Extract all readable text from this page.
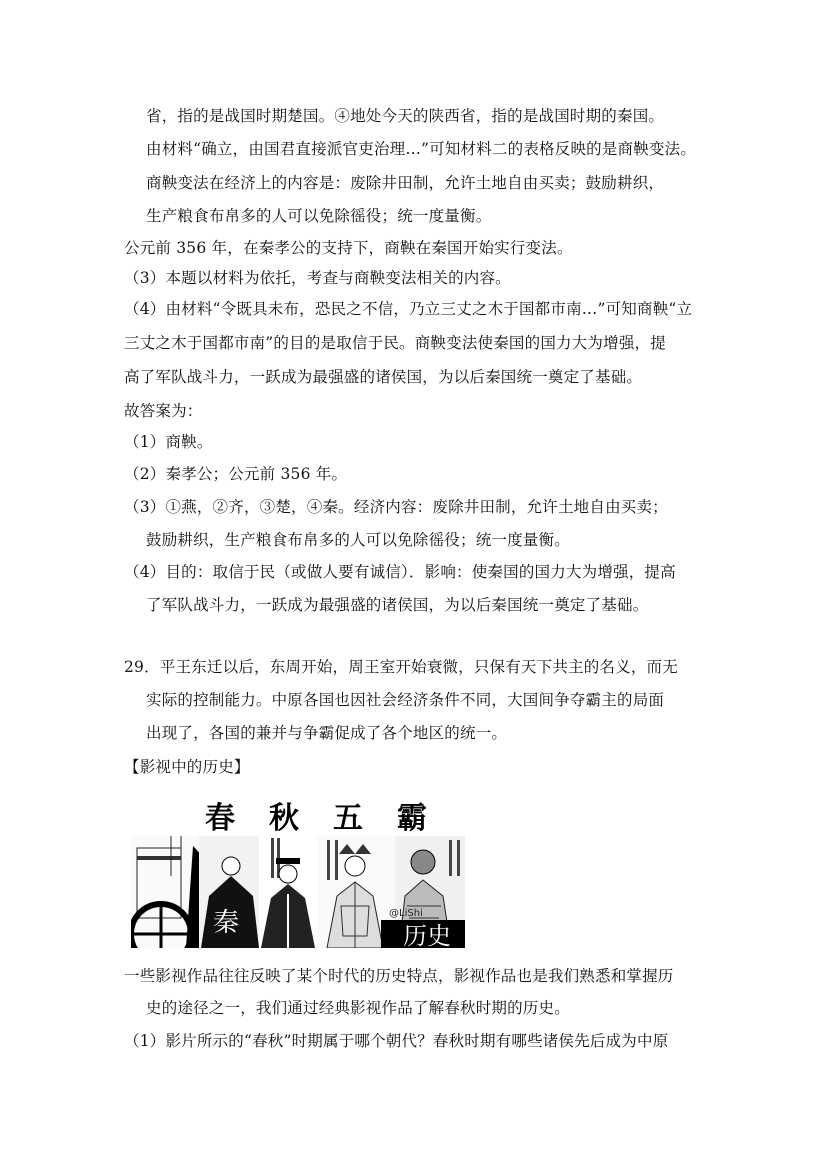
省，指的是战国时期楚国。④地处今天的陕西省，指的是战国时期的秦国。
由材料“确立，由国君直接派官吏治理…”可知材料二的表格反映的是商鞅变法。
商鞅变法在经济上的内容是：废除井田制，允许土地自由买卖；鼓励耕织，
生产粮食布帛多的人可以免除徭役；统一度量衡。
公元前 356 年，在秦孝公的支持下，商鞅在秦国开始实行变法。
（3）本题以材料为依托，考查与商鞅变法相关的内容。
（4）由材料“令既具未布，恐民之不信，乃立三丈之木于国都市南…”可知商鞅“立
三丈之木于国都市南”的目的是取信于民。商鞅变法使秦国的国力大为增强，提
高了军队战斗力，一跃成为最强盛的诸侯国，为以后秦国统一奠定了基础。
故答案为：
（1）商鞅。
（2）秦孝公；公元前 356 年。
（3）①燕，②齐，③楚，④秦。经济内容：废除井田制，允许土地自由买卖；
鼓励耕织，生产粮食布帛多的人可以免除徭役；统一度量衡。
（4）目的：取信于民（或做人要有诚信）．影响：使秦国的国力大为增强，提高
了军队战斗力，一跃成为最强盛的诸侯国，为以后秦国统一奠定了基础。
29．平王东迁以后，东周开始，周王室开始衰微，只保有天下共主的名义，而无
实际的控制能力。中原各国也因社会经济条件不同，大国间争夺霸主的局面
出现了，各国的兼并与争霸促成了各个地区的统一。
【影视中的历史】
春秋五霸
秦	@LiShi
历史
一些影视作品往往反映了某个时代的历史特点，影视作品也是我们熟悉和掌握历
史的途径之一，我们通过经典影视作品了解春秋时期的历史。
（1）影片所示的“春秋”时期属于哪个朝代？春秋时期有哪些诸侯先后成为中原
